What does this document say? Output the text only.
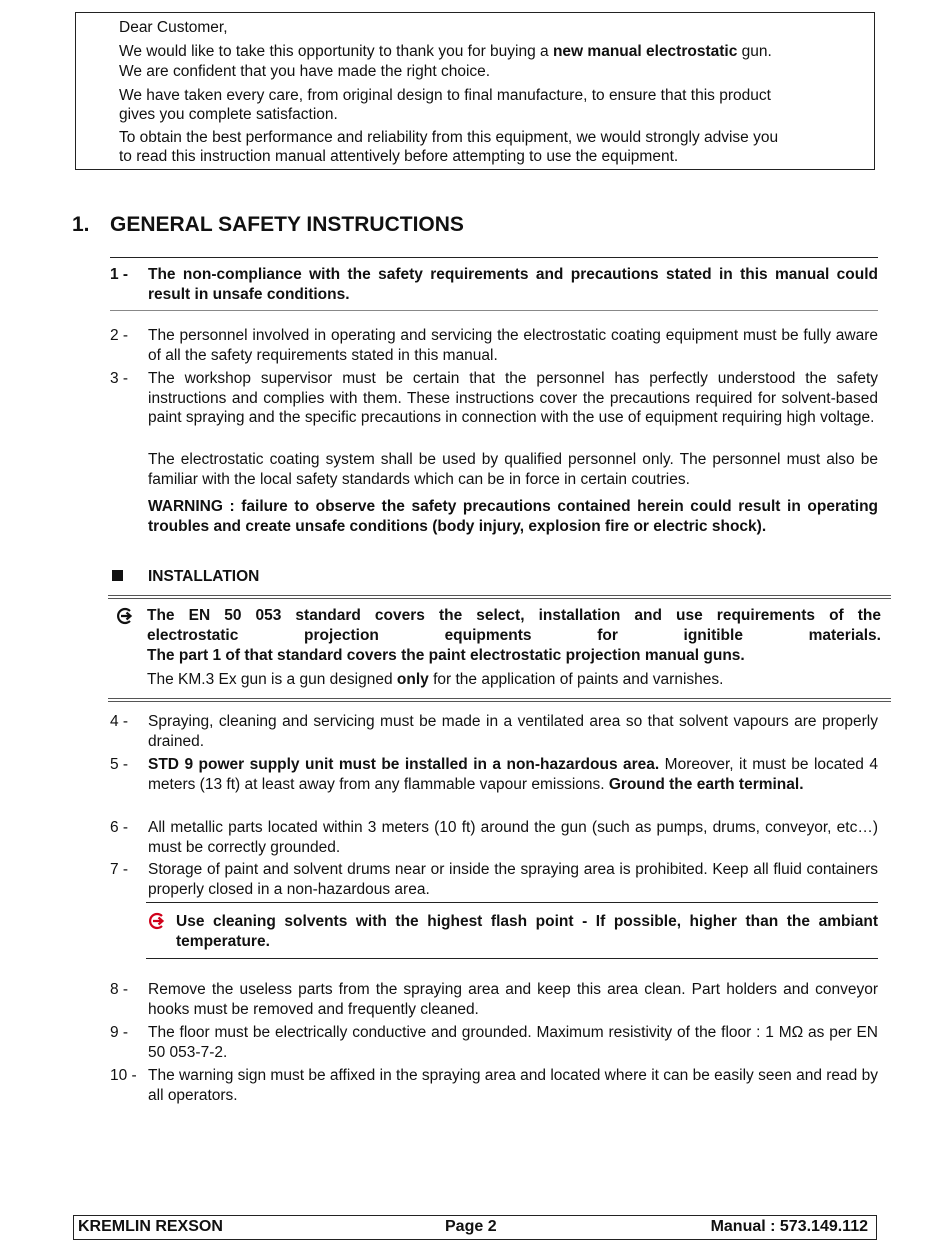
Dear Customer,
We would like to take this opportunity to thank you for buying a new manual electrostatic gun.
We are confident that you have made the right choice.
We have taken every care, from original design to final manufacture, to ensure that this product
gives you complete satisfaction.
To obtain the best performance and reliability from this equipment, we would strongly advise you
to read this instruction manual attentively before attempting to use the equipment.
1. GENERAL SAFETY INSTRUCTIONS
1 -	The non-compliance with the safety requirements and precautions stated in this manual could result in unsafe conditions.
2 -	The personnel involved in operating and servicing the electrostatic coating equipment must be fully aware of all the safety requirements stated in this manual.
3 -	The workshop supervisor must be certain that the personnel has perfectly understood the safety instructions and complies with them. These instructions cover the precautions required for solvent-based paint spraying and the specific precautions in connection with the use of equipment requiring high voltage.
The electrostatic coating system shall be used by qualified personnel only. The personnel must also be familiar with the local safety standards which can be in force in certain coutries.
WARNING : failure to observe the safety precautions contained herein could result in operating troubles and create unsafe conditions (body injury, explosion fire or electric shock).
INSTALLATION
The EN 50 053 standard covers the select, installation and use requirements of the
electrostatic projection equipments for ignitible materials.
The part 1 of that standard covers the paint electrostatic projection manual guns.
The KM.3 Ex gun is a gun designed only for the application of paints and varnishes.
4 -	Spraying, cleaning and servicing must be made in a ventilated area so that solvent vapours are properly drained.
5 -	STD 9 power supply unit must be installed in a non-hazardous area. Moreover, it must be located 4 meters (13 ft) at least away from any flammable vapour emissions. Ground the earth terminal.
6 -	All metallic parts located within 3 meters (10 ft) around the gun (such as pumps, drums, conveyor, etc…) must be correctly grounded.
7 -	Storage of paint and solvent drums near or inside the spraying area is prohibited. Keep all fluid containers properly closed in a non-hazardous area.
Use cleaning solvents with the highest flash point - If possible, higher than the ambiant temperature.
8 -	Remove the useless parts from the spraying area and keep this area clean. Part holders and conveyor hooks must be removed and frequently cleaned.
9 -	The floor must be electrically conductive and grounded. Maximum resistivity of the floor : 1 MΩ as per EN 50 053-7-2.
10 - The warning sign must be affixed in the spraying area and located where it can be easily seen and read by all operators.
KREMLIN REXSON	Page 2	Manual : 573.149.112
